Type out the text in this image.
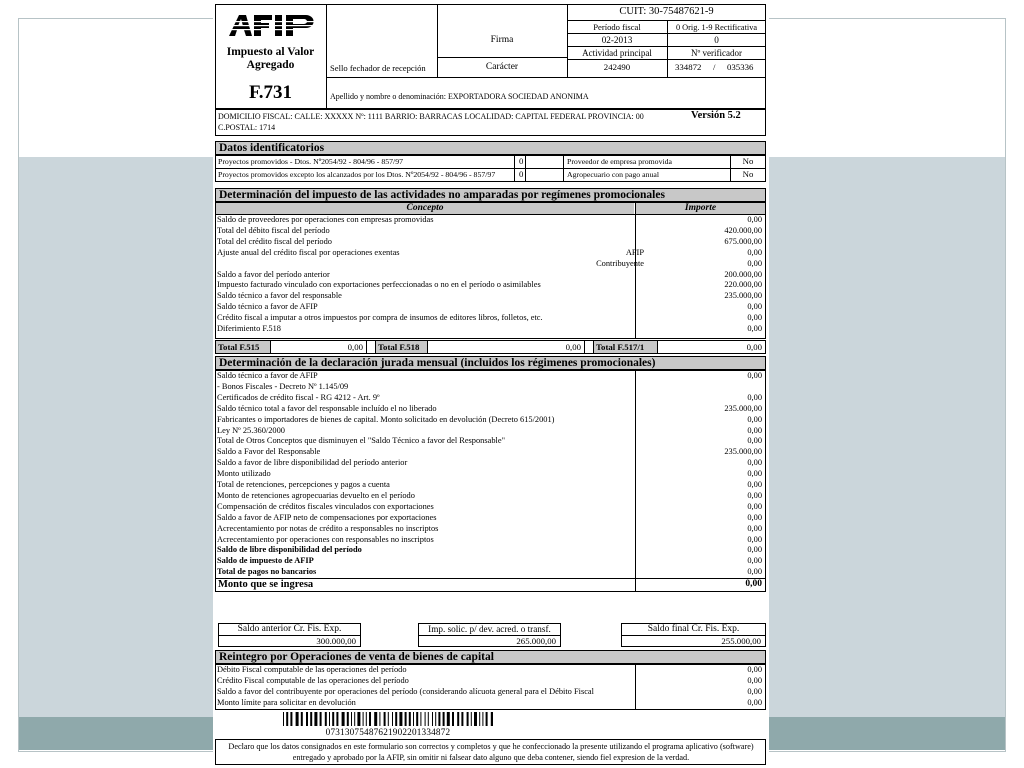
Impuesto al Valor Agregado
F.731
Sello fechador de recepción
Firma
Carácter
CUIT: 30-75487621-9
Período fiscal	0 Orig. 1-9 Rectificativa
02-2013	0
Actividad principal	Nº verificador
242490	334872 / 035336
Apellido y nombre o denominación: EXPORTADORA SOCIEDAD ANONIMA
DOMICILIO FISCAL: CALLE: XXXXX Nº: 1111 BARRIO: BARRACAS LOCALIDAD: CAPITAL FEDERAL PROVINCIA: 00
C.POSTAL: 1714
Versión 5.2
Datos identificatorios
Proyectos promovidos - Dtos. Nº2054/92 - 804/96 - 857/97	0	Proveedor de empresa promovida	No
Proyectos promovidos excepto los alcanzados por los Dtos. Nº2054/92 - 804/96 - 857/97	0	Agropecuario con pago anual	No
Determinación del impuesto de las actividades no amparadas por regímenes promocionales
Concepto	Importe
Saldo de proveedores por operaciones con empresas promovidas	0,00
Total del débito fiscal del período	420.000,00
Total del crédito fiscal del período	675.000,00
Ajuste anual del crédito fiscal por operaciones exentas	AFIP	0,00
Contribuyente	0,00
Saldo a favor del período anterior	200.000,00
Impuesto facturado vinculado con exportaciones perfeccionadas o no en el período o asimilables	220.000,00
Saldo técnico a favor del responsable	235.000,00
Saldo técnico a favor de AFIP	0,00
Crédito fiscal a imputar a otros impuestos por compra de insumos de editores libros, folletos, etc.	0,00
Diferimiento F.518	0,00
Total F.515	0,00 Total F.518	0,00 Total F.517/1	0,00
Determinación de la declaración jurada mensual (incluidos los régimenes promocionales)
Saldo técnico a favor de AFIP	0,00
- Bonos Fiscales - Decreto Nº 1.145/09
Certificados de crédito fiscal - RG 4212 - Art. 9º	0,00
Saldo técnico total a favor del responsable incluído el no liberado	235.000,00
Fabricantes o importadores de bienes de capital. Monto solicitado en devolución (Decreto 615/2001)	0,00
Ley Nº 25.360/2000	0,00
Total de Otros Conceptos que disminuyen el "Saldo Técnico a favor del Responsable"	0,00
Saldo a Favor del Responsable	235.000,00
Saldo a favor de libre disponibilidad del período anterior	0,00
Monto utilizado	0,00
Total de retenciones, percepciones y pagos a cuenta	0,00
Monto de retenciones agropecuarias devuelto en el período	0,00
Compensación de créditos fiscales vinculados con exportaciones	0,00
Saldo a favor de AFIP neto de compensaciones por exportaciones	0,00
Acrecentamiento por notas de crédito a responsables no inscriptos	0,00
Acrecentamiento por operaciones con responsables no inscriptos	0,00
Saldo de libre disponibilidad del período	0,00
Saldo de impuesto de AFIP	0,00
Total de pagos no bancarios	0,00
Monto que se ingresa	0,00
Saldo anterior Cr. Fis. Exp.
300.000,00
Imp. solic. p/ dev. acred. o transf.
265.000,00
Saldo final Cr. Fis. Exp.
255.000,00
Reintegro por Operaciones de venta de bienes de capital
Débito Fiscal computable de las operaciones del período	0,00
Crédito Fiscal computable de las operaciones del período	0,00
Saldo a favor del contribuyente por operaciones del período (considerando alícuota general para el Débito Fiscal	0,00
Monto límite para solicitar en devolución	0,00
07313075487621902201334872
Declaro que los datos consignados en este formulario son correctos y completos y que he confeccionado la presente utilizando el programa aplicativo (software) entregado y aprobado por la AFIP, sin omitir ni falsear dato alguno que deba contener, siendo fiel expresion de la verdad.
